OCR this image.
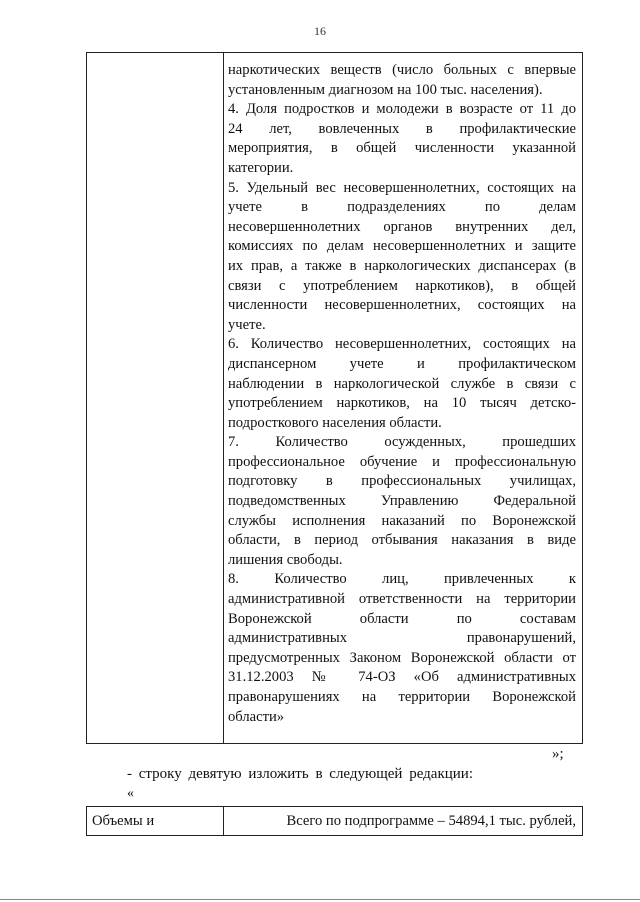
16
наркотических веществ (число больных с впервые
установленным диагнозом на 100 тыс. населения).
4. Доля подростков и молодежи в возрасте от 11 до
24 лет, вовлеченных в профилактические
мероприятия, в общей численности указанной
категории.
5. Удельный вес несовершеннолетних, состоящих на
учете в подразделениях по делам
несовершеннолетних органов внутренних дел,
комиссиях по делам несовершеннолетних и защите
их прав, а также в наркологических диспансерах (в
связи с употреблением наркотиков), в общей
численности несовершеннолетних, состоящих на
учете.
6. Количество несовершеннолетних, состоящих на
диспансерном учете и профилактическом
наблюдении в наркологической службе в связи с
употреблением наркотиков, на 10 тысяч детско-
подросткового населения области.
7. Количество осужденных, прошедших
профессиональное обучение и профессиональную
подготовку в профессиональных училищах,
подведомственных Управлению Федеральной
службы исполнения наказаний по Воронежской
области, в период отбывания наказания в виде
лишения свободы.
8. Количество лиц, привлеченных к
административной ответственности на территории
Воронежской области по составам
административных правонарушений,
предусмотренных Законом Воронежской области от
31.12.2003 № 74-ОЗ «Об административных
правонарушениях на территории Воронежской
области»
»;
- строку девятую изложить в следующей редакции:
«
Объемы и	Всего по подпрограмме – 54894,1 тыс. рублей,
